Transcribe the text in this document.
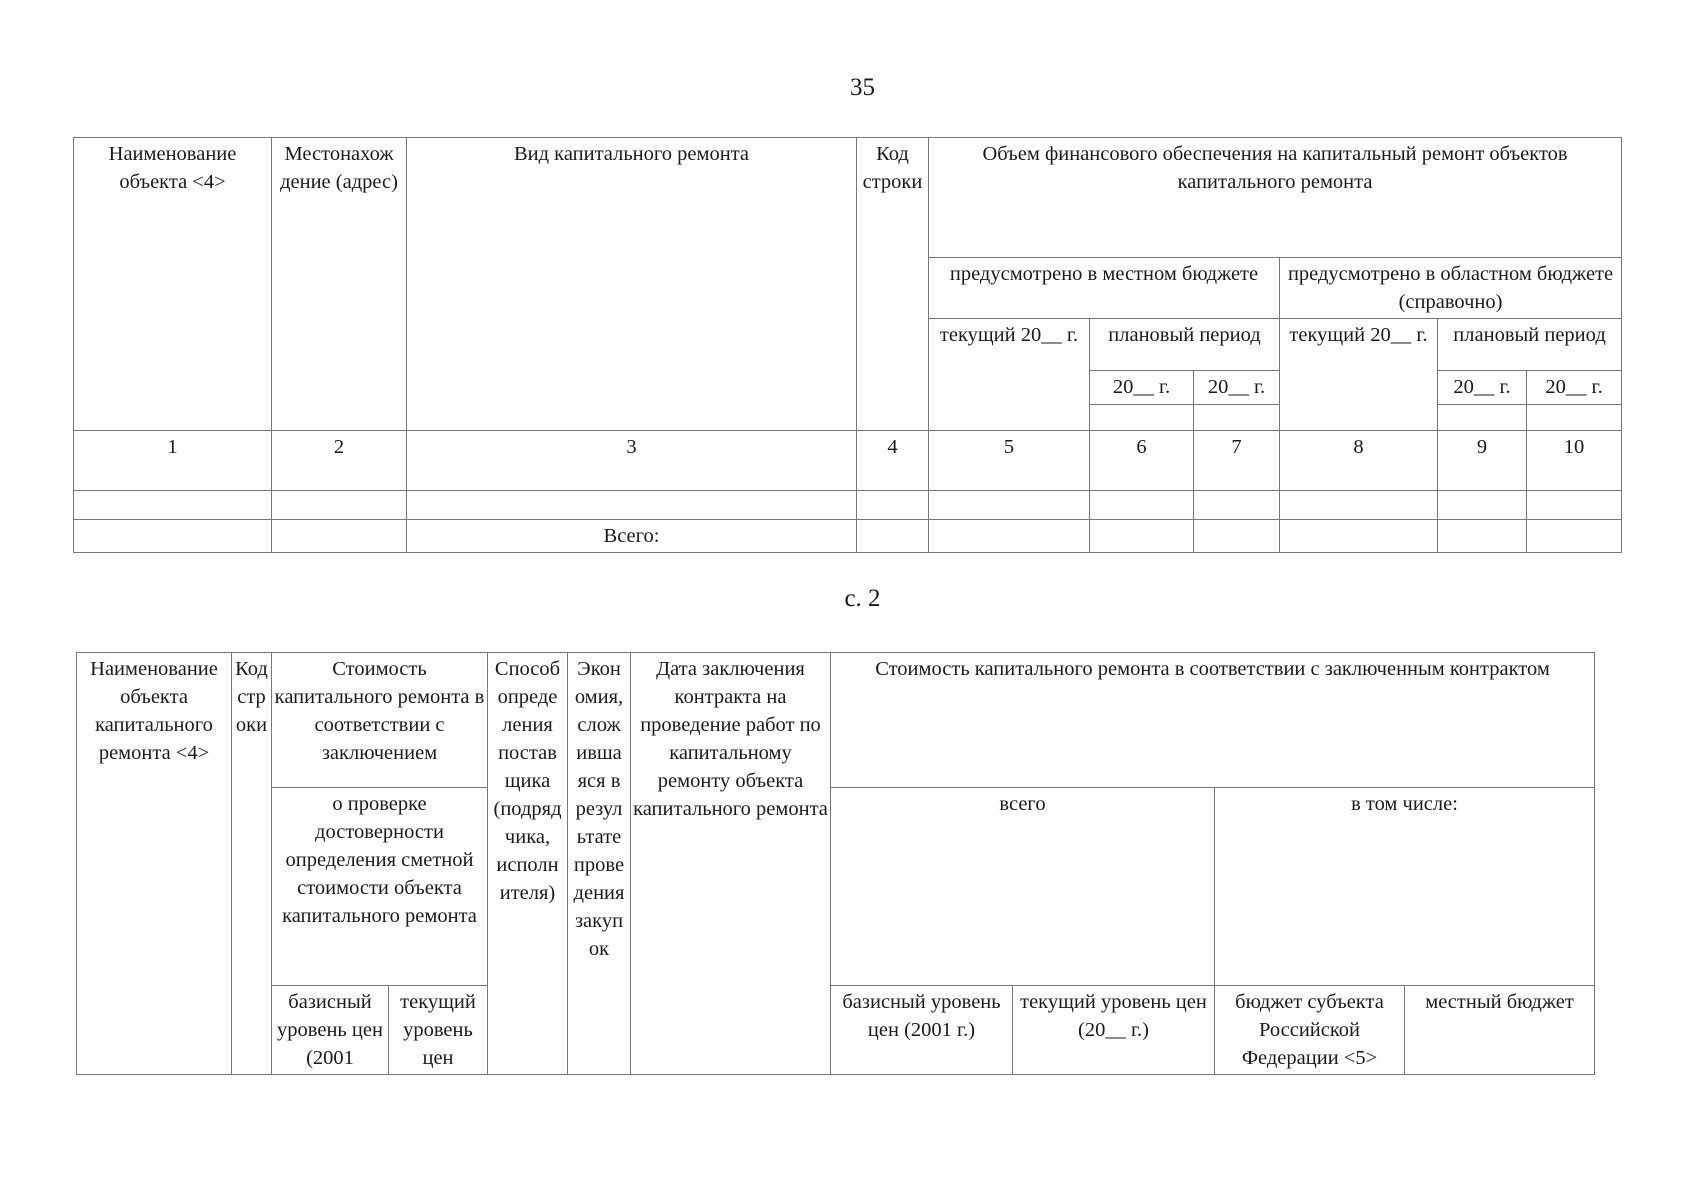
35
Наименование объекта <4>	Местонахож дение (адрес)	Вид капитального ремонта	Код строки	Объем финансового обеспечения на капитальный ремонт объектов капитального ремонта					
				предусмотрено в местном бюджете			предусмотрено в областном бюджете (справочно)		
				текущий 20__ г.	плановый период		текущий 20__ г.	плановый период	
					20__ г.	20__ г.		20__ г.	20__ г.

1	2	3	4	5	6	7	8	9	10

		Всего:							
с. 2
Наименование объекта капитального ремонта <4>	Код стр оки	Стоимость капитального ремонта в соответствии с заключением		Способ опреде ления постав щика (подряд чика, исполн ителя)	Экон омия, слож ивша яся в резул ьтате прове дения закуп ок	Дата заключения контракта на проведение работ по капитальному ремонту объекта капитального ремонта	Стоимость капитального ремонта в соответствии с заключенным контрактом			
		о проверке достоверности определения сметной стоимости объекта капитального ремонта					всего		в том числе:	
		базисный уровень цен (2001	текущий уровень цен				базисный уровень цен (2001 г.)	текущий уровень цен (20__ г.)	бюджет субъекта Российской Федерации <5>	местный бюджет
